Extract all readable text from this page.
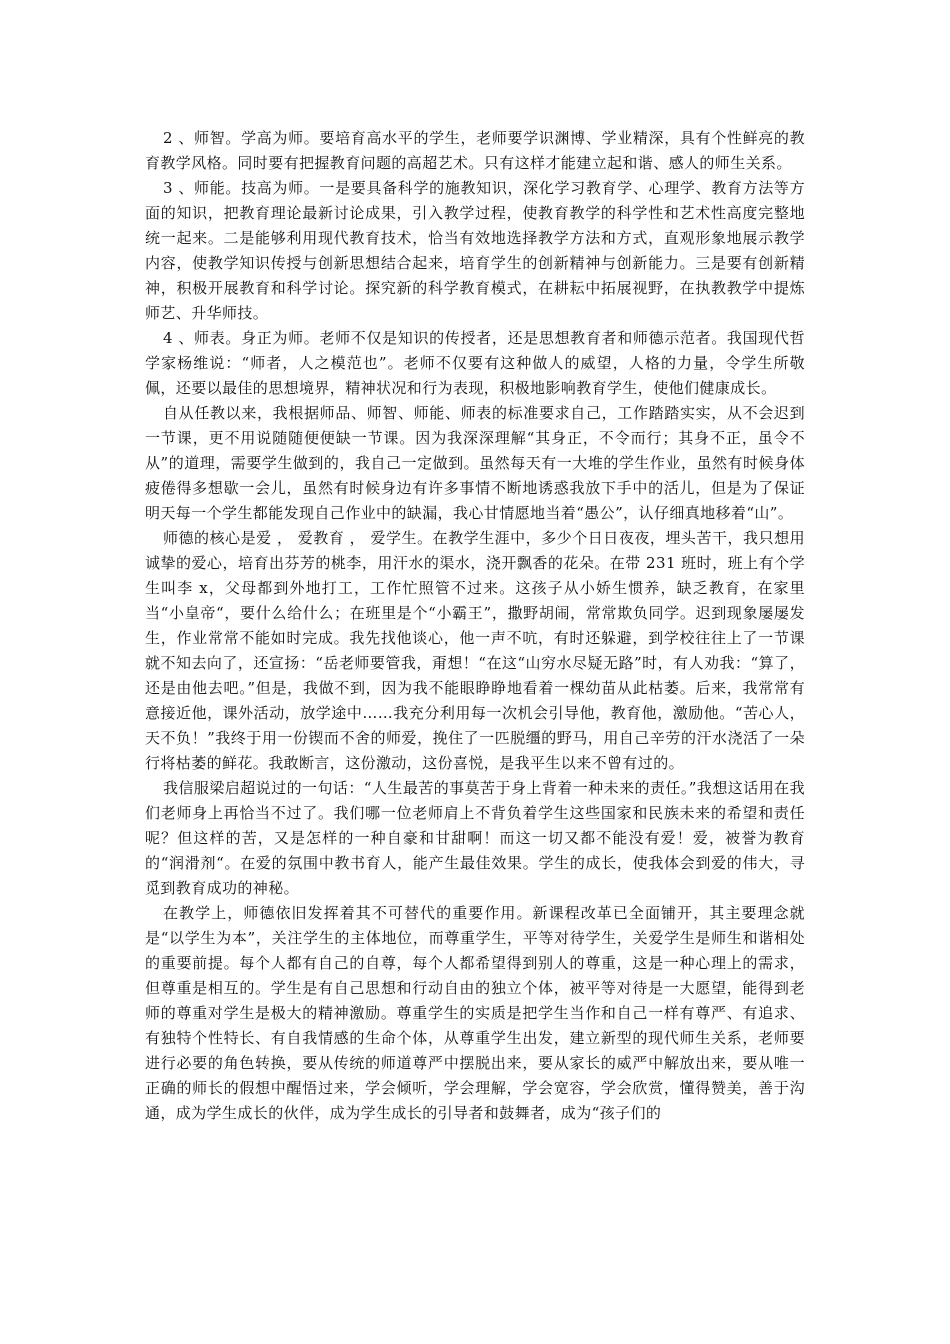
2 、师智。学高为师。要培育高水平的学生，老师要学识渊博、学业精深，具有个性鲜亮的教育教学风格。同时要有把握教育问题的高超艺术。只有这样才能建立起和谐、感人的师生关系。

3 、师能。技高为师。一是要具备科学的施教知识，深化学习教育学、心理学、教育方法等方面的知识，把教育理论最新讨论成果，引入教学过程，使教育教学的科学性和艺术性高度完整地统一起来。二是能够利用现代教育技术，恰当有效地选择教学方法和方式，直观形象地展示教学内容，使教学知识传授与创新思想结合起来，培育学生的创新精神与创新能力。三是要有创新精神，积极开展教育和科学讨论。探究新的科学教育模式，在耕耘中拓展视野，在执教教学中提炼师艺、升华师技。

4 、师表。身正为师。老师不仅是知识的传授者，还是思想教育者和师德示范者。我国现代哲学家杨维说：“师者，人之模范也”。老师不仅要有这种做人的威望，人格的力量，令学生所敬佩，还要以最佳的思想境界，精神状况和行为表现，积极地影响教育学生，使他们健康成长。

自从任教以来，我根据师品、师智、师能、师表的标准要求自己，工作踏踏实实，从不会迟到一节课，更不用说随随便便缺一节课。因为我深深理解“其身正，不令而行；其身不正，虽令不从”的道理，需要学生做到的，我自己一定做到。虽然每天有一大堆的学生作业，虽然有时候身体疲倦得多想歇一会儿，虽然有时候身边有许多事情不断地诱惑我放下手中的活儿，但是为了保证明天每一个学生都能发现自己作业中的缺漏，我心甘情愿地当着“愚公”，认仔细真地移着“山”。

师德的核心是爱 ， 爱教育 ， 爱学生。在教学生涯中，多少个日日夜夜，埋头苦干，我只想用诚挚的爱心，培育出芬芳的桃李，用汗水的渠水，浇开飘香的花朵。在带 231 班时，班上有个学生叫李 x，父母都到外地打工，工作忙照管不过来。这孩子从小娇生惯养，缺乏教育，在家里当“小皇帝“，要什么给什么；在班里是个“小霸王”，撒野胡闹，常常欺负同学。迟到现象屡屡发生，作业常常不能如时完成。我先找他谈心，他一声不吭，有时还躲避，到学校往往上了一节课就不知去向了，还宣扬：“岳老师要管我，甭想！“在这“山穷水尽疑无路”时，有人劝我：“算了，还是由他去吧。”但是，我做不到，因为我不能眼睁睁地看着一棵幼苗从此枯萎。后来，我常常有意接近他，课外活动，放学途中……我充分利用每一次机会引导他，教育他，激励他。“苦心人，天不负！”我终于用一份锲而不舍的师爱，挽住了一匹脱缰的野马，用自己辛劳的汗水浇活了一朵行将枯萎的鲜花。我敢断言，这份激动，这份喜悦，是我平生以来不曾有过的。

我信服梁启超说过的一句话：“人生最苦的事莫苦于身上背着一种未来的责任。”我想这话用在我们老师身上再恰当不过了。我们哪一位老师肩上不背负着学生这些国家和民族未来的希望和责任呢？但这样的苦，又是怎样的一种自豪和甘甜啊！而这一切又都不能没有爱！爱，被誉为教育的“润滑剂“。在爱的氛围中教书育人，能产生最佳效果。学生的成长，使我体会到爱的伟大，寻觅到教育成功的神秘。

在教学上，师德依旧发挥着其不可替代的重要作用。新课程改革已全面铺开，其主要理念就是“以学生为本”，关注学生的主体地位，而尊重学生，平等对待学生，关爱学生是师生和谐相处的重要前提。每个人都有自己的自尊，每个人都希望得到别人的尊重，这是一种心理上的需求，但尊重是相互的。学生是有自己思想和行动自由的独立个体，被平等对待是一大愿望，能得到老师的尊重对学生是极大的精神激励。尊重学生的实质是把学生当作和自己一样有尊严、有追求、有独特个性特长、有自我情感的生命个体，从尊重学生出发，建立新型的现代师生关系，老师要进行必要的角色转换，要从传统的师道尊严中摆脱出来，要从家长的威严中解放出来，要从唯一正确的师长的假想中醒悟过来，学会倾听，学会理解，学会宽容，学会欣赏，懂得赞美，善于沟通，成为学生成长的伙伴，成为学生成长的引导者和鼓舞者，成为“孩子们的
